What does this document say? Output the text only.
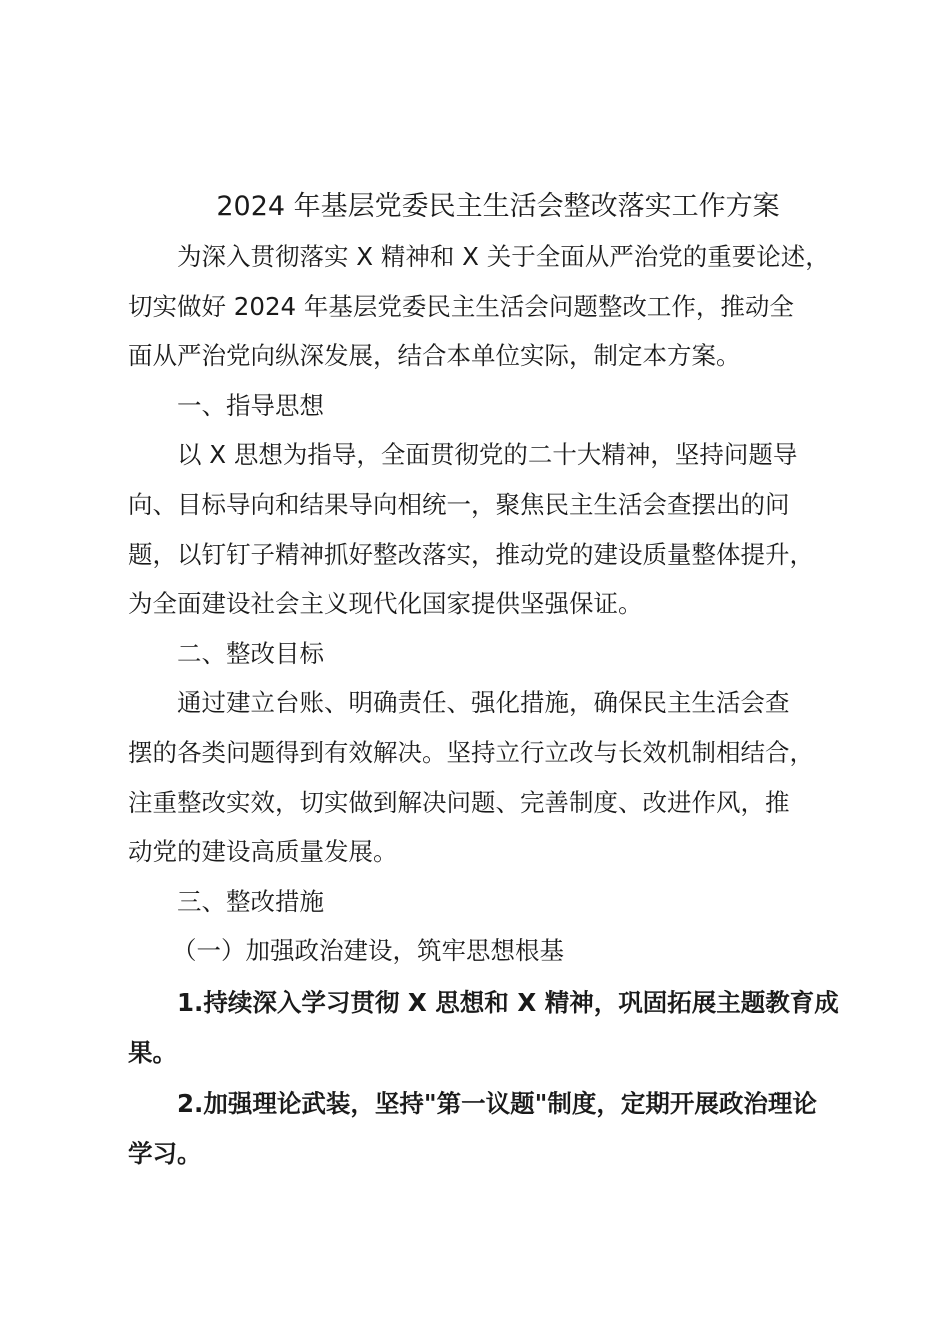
2024 年基层党委民主生活会整改落实工作方案
为深入贯彻落实 X 精神和 X 关于全面从严治党的重要论述，
切实做好 2024 年基层党委民主生活会问题整改工作，推动全
面从严治党向纵深发展，结合本单位实际，制定本方案。
一、指导思想
以 X 思想为指导，全面贯彻党的二十大精神，坚持问题导
向、目标导向和结果导向相统一，聚焦民主生活会查摆出的问
题，以钉钉子精神抓好整改落实，推动党的建设质量整体提升，
为全面建设社会主义现代化国家提供坚强保证。
二、整改目标
通过建立台账、明确责任、强化措施，确保民主生活会查
摆的各类问题得到有效解决。坚持立行立改与长效机制相结合，
注重整改实效，切实做到解决问题、完善制度、改进作风，推
动党的建设高质量发展。
三、整改措施
（一）加强政治建设，筑牢思想根基
1.持续深入学习贯彻 X 思想和 X 精神，巩固拓展主题教育成
果。
2.加强理论武装，坚持"第一议题"制度，定期开展政治理论
学习。
